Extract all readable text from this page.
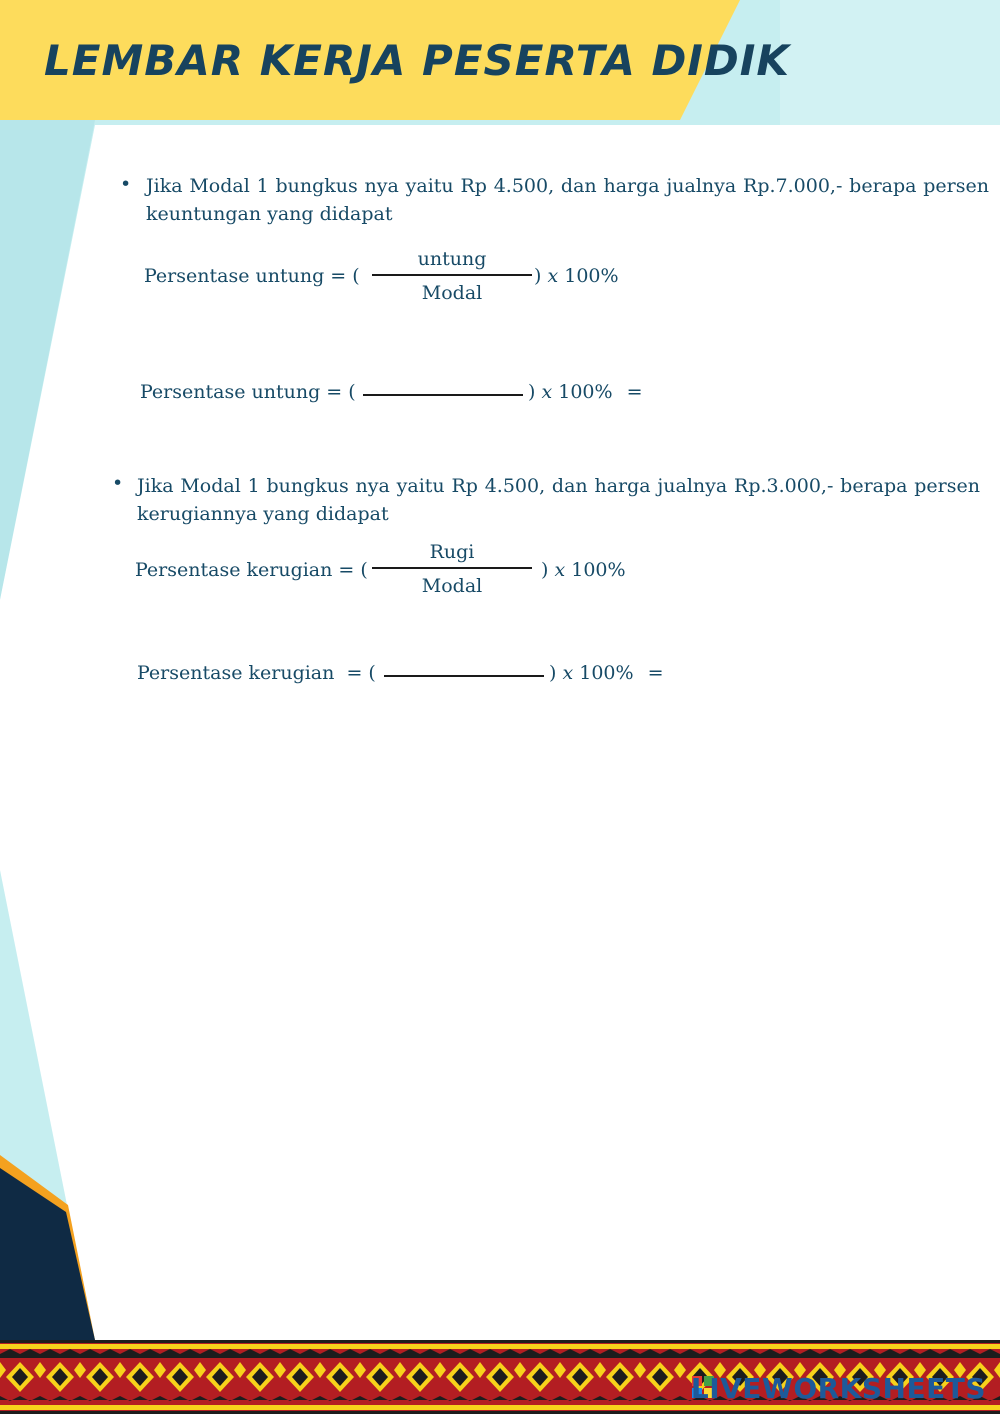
LEMBAR KERJA PESERTA DIDIK
• Jika Modal 1 bungkus nya yaitu Rp 4.500, dan harga jualnya Rp.7.000,- berapa persen keuntungan yang didapat
Persentase untung = (
untung
Modal
) x 100%
Persentase untung = (	) x 100% =
• Jika Modal 1 bungkus nya yaitu Rp 4.500, dan harga jualnya Rp.3.000,- berapa persen kerugiannya yang didapat
Persentase kerugian = (
Rugi
Modal
) x 100%
Persentase kerugian  = (	) x 100% =
LIVEWORKSHEETS
